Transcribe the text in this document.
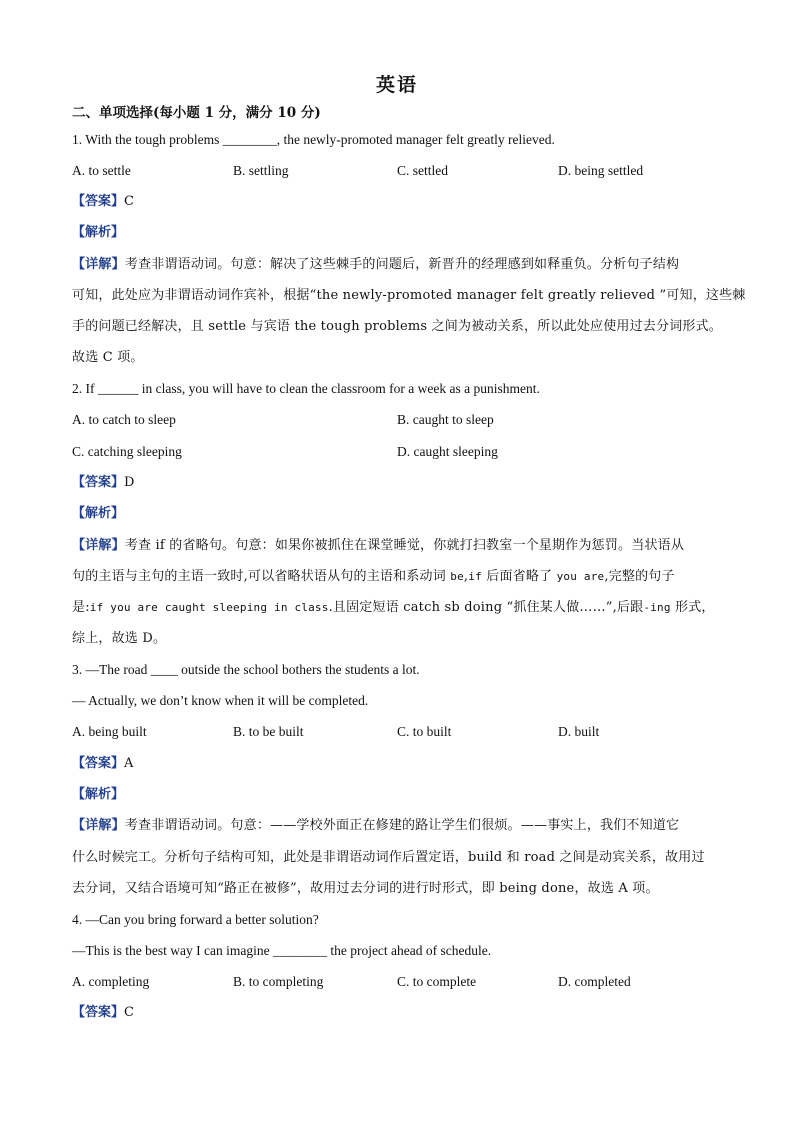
英语
二、单项选择(每小题 1 分，满分 10 分)
1. With the tough problems ________, the newly-promoted manager felt greatly relieved.
A. to settle	B. settling	C. settled	D. being settled
【答案】C
【解析】
【详解】考查非谓语动词。句意：解决了这些棘手的问题后，新晋升的经理感到如释重负。分析句子结构
可知，此处应为非谓语动词作宾补，根据“the newly-promoted manager felt greatly relieved ”可知，这些棘
手的问题已经解决，且 settle 与宾语 the tough problems 之间为被动关系，所以此处应使用过去分词形式。
故选 C 项。
2. If ______ in class, you will have to clean the classroom for a week as a punishment.
A. to catch to sleep	B. caught to sleep
C. catching sleeping	D. caught sleeping
【答案】D
【解析】
【详解】考查 if 的省略句。句意：如果你被抓住在课堂睡觉，你就打扫教室一个星期作为惩罚。当状语从
句的主语与主句的主语一致时,可以省略状语从句的主语和系动词 be,if 后面省略了 you are,完整的句子
是:if you are caught sleeping in class.且固定短语 catch sb doing “抓住某人做……”,后跟-ing 形式，
综上，故选 D。
3. —The road ____ outside the school bothers the students a lot.
— Actually, we don’t know when it will be completed.
A. being built	B. to be built	C. to built	D. built
【答案】A
【解析】
【详解】考查非谓语动词。句意：——学校外面正在修建的路让学生们很烦。——事实上，我们不知道它
什么时候完工。分析句子结构可知，此处是非谓语动词作后置定语，build 和 road 之间是动宾关系，故用过
去分词，又结合语境可知“路正在被修”，故用过去分词的进行时形式，即 being done，故选 A 项。
4. —Can you bring forward a better solution?
—This is the best way I can imagine ________ the project ahead of schedule.
A. completing	B. to completing	C. to complete	D. completed
【答案】C
